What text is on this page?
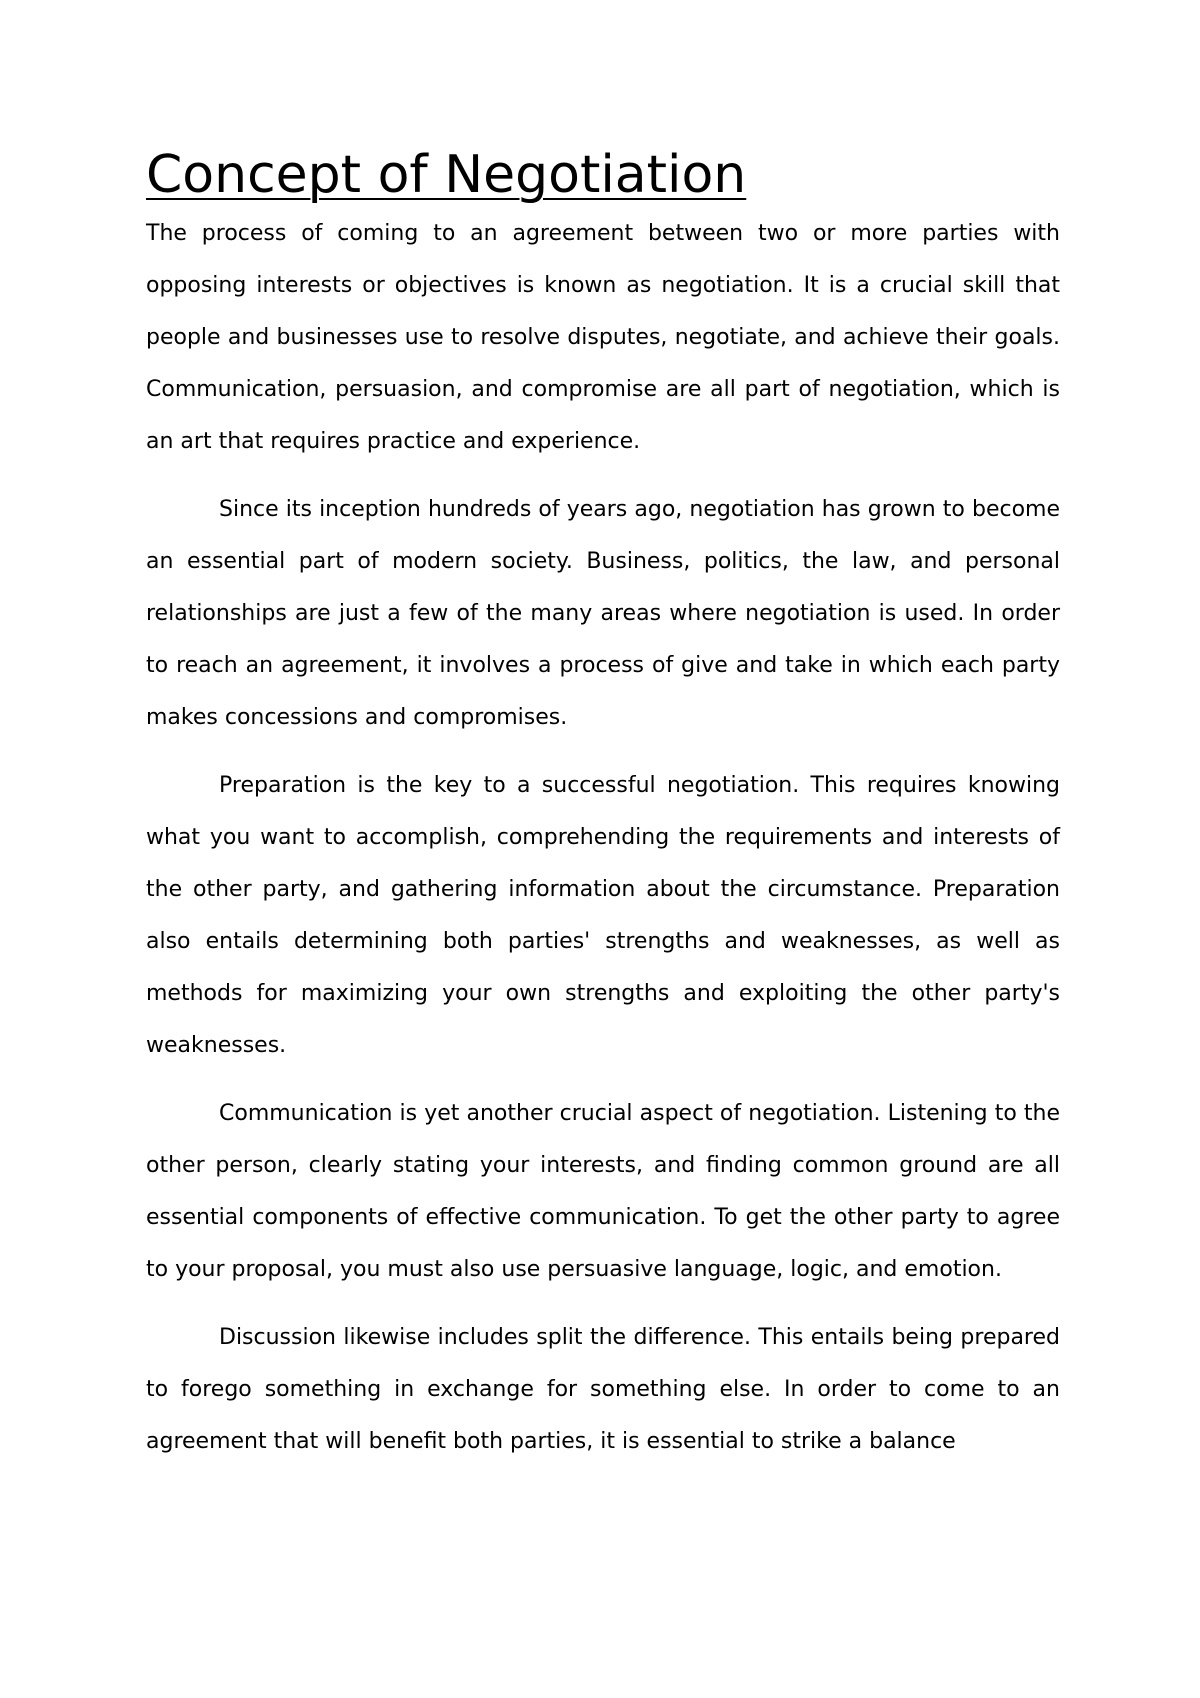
Concept of Negotiation

The process of coming to an agreement between two or more parties with opposing interests or objectives is known as negotiation. It is a crucial skill that people and businesses use to resolve disputes, negotiate, and achieve their goals. Communication, persuasion, and compromise are all part of negotiation, which is an art that requires practice and experience.

Since its inception hundreds of years ago, negotiation has grown to become an essential part of modern society. Business, politics, the law, and personal relationships are just a few of the many areas where negotiation is used. In order to reach an agreement, it involves a process of give and take in which each party makes concessions and compromises.

Preparation is the key to a successful negotiation. This requires knowing what you want to accomplish, comprehending the requirements and interests of the other party, and gathering information about the circumstance. Preparation also entails determining both parties' strengths and weaknesses, as well as methods for maximizing your own strengths and exploiting the other party's weaknesses.

Communication is yet another crucial aspect of negotiation. Listening to the other person, clearly stating your interests, and finding common ground are all essential components of effective communication. To get the other party to agree to your proposal, you must also use persuasive language, logic, and emotion.

Discussion likewise includes split the difference. This entails being prepared to forego something in exchange for something else. In order to come to an agreement that will benefit both parties, it is essential to strike a balance
